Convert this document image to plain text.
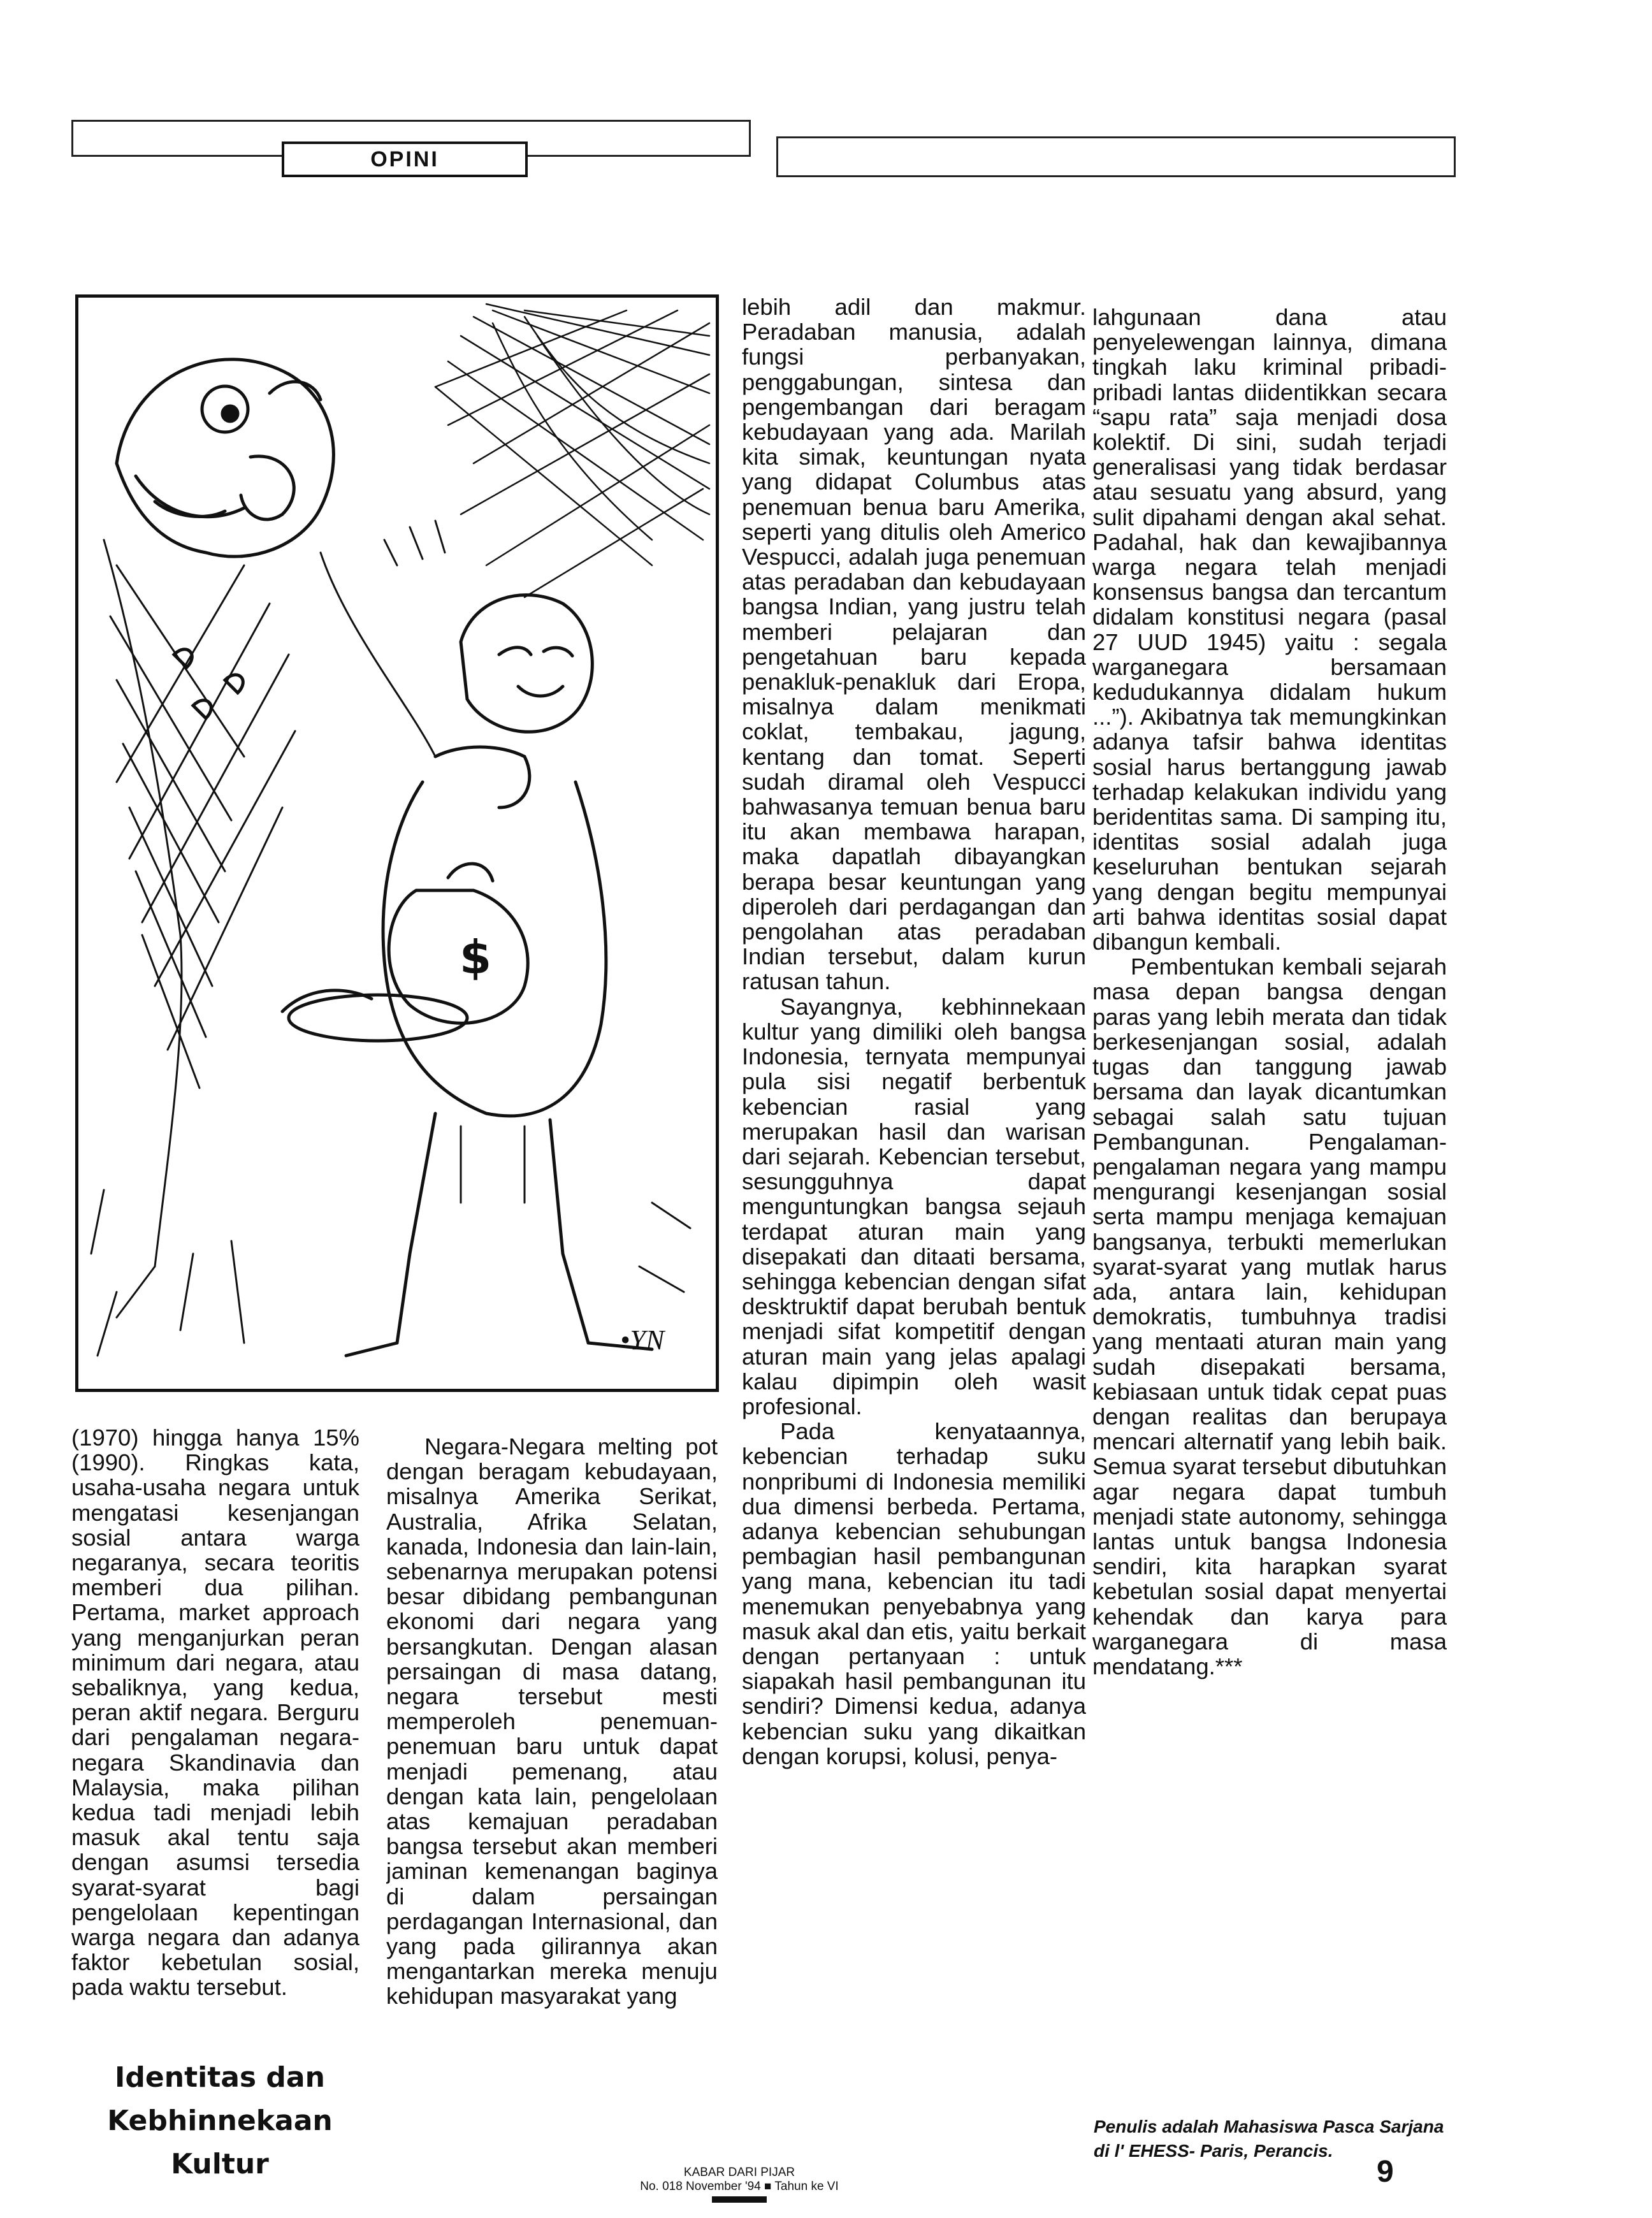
OPINI
$
•YN

(1970) hingga hanya 15% (1990). Ringkas kata, usaha-usaha negara untuk mengatasi kesenjangan sosial antara warga negaranya, secara teoritis memberi dua pilihan. Pertama, market approach yang menganjurkan peran minimum dari negara, atau sebaliknya, yang kedua, peran aktif negara. Berguru dari pengalaman negara-negara Skandinavia dan Malaysia, maka pilihan kedua tadi menjadi lebih masuk akal tentu saja dengan asumsi tersedia syarat-syarat bagi pengelolaan kepentingan warga negara dan adanya faktor kebetulan sosial, pada waktu tersebut.

Identitas dan Kebhinnekaan Kultur

Negara-Negara melting pot dengan beragam kebudayaan, misalnya Amerika Serikat, Australia, Afrika Selatan, kanada, Indonesia dan lain-lain, sebenarnya merupakan potensi besar dibidang pembangunan ekonomi dari negara yang bersangkutan. Dengan alasan persaingan di masa datang, negara tersebut mesti memperoleh penemuan-penemuan baru untuk dapat menjadi pemenang, atau dengan kata lain, pengelolaan atas kemajuan peradaban bangsa tersebut akan memberi jaminan kemenangan baginya di dalam persaingan perdagangan Internasional, dan yang pada gilirannya akan mengantarkan mereka menuju kehidupan masyarakat yang

lebih adil dan makmur. Peradaban manusia, adalah fungsi perbanyakan, penggabungan, sintesa dan pengembangan dari beragam kebudayaan yang ada. Marilah kita simak, keuntungan nyata yang didapat Columbus atas penemuan benua baru Amerika, seperti yang ditulis oleh Americo Vespucci, adalah juga penemuan atas peradaban dan kebudayaan bangsa Indian, yang justru telah memberi pelajaran dan pengetahuan baru kepada penakluk-penakluk dari Eropa, misalnya dalam menikmati coklat, tembakau, jagung, kentang dan tomat. Seperti sudah diramal oleh Vespucci bahwasanya temuan benua baru itu akan membawa harapan, maka dapatlah dibayangkan berapa besar keuntungan yang diperoleh dari perdagangan dan pengolahan atas peradaban Indian tersebut, dalam kurun ratusan tahun.

Sayangnya, kebhinnekaan kultur yang dimiliki oleh bangsa Indonesia, ternyata mempunyai pula sisi negatif berbentuk kebencian rasial yang merupakan hasil dan warisan dari sejarah. Kebencian tersebut, sesungguhnya dapat menguntungkan bangsa sejauh terdapat aturan main yang disepakati dan ditaati bersama, sehingga kebencian dengan sifat desktruktif dapat berubah bentuk menjadi sifat kompetitif dengan aturan main yang jelas apalagi kalau dipimpin oleh wasit profesional.

Pada kenyataannya, kebencian terhadap suku nonpribumi di Indonesia memiliki dua dimensi berbeda. Pertama, adanya kebencian sehubungan pembagian hasil pembangunan yang mana, kebencian itu tadi menemukan penyebabnya yang masuk akal dan etis, yaitu berkait dengan pertanyaan : untuk siapakah hasil pembangunan itu sendiri? Dimensi kedua, adanya kebencian suku yang dikaitkan dengan korupsi, kolusi, penya-

lahgunaan dana atau penyelewengan lainnya, dimana tingkah laku kriminal pribadi-pribadi lantas diidentikkan secara “sapu rata” saja menjadi dosa kolektif. Di sini, sudah terjadi generalisasi yang tidak berdasar atau sesuatu yang absurd, yang sulit dipahami dengan akal sehat. Padahal, hak dan kewajibannya warga negara telah menjadi konsensus bangsa dan tercantum didalam konstitusi negara (pasal 27 UUD 1945) yaitu : segala warganegara bersamaan kedudukannya didalam hukum ...”). Akibatnya tak memungkinkan adanya tafsir bahwa identitas sosial harus bertanggung jawab terhadap kelakukan individu yang beridentitas sama. Di samping itu, identitas sosial adalah juga keseluruhan bentukan sejarah yang dengan begitu mempunyai arti bahwa identitas sosial dapat dibangun kembali.

Pembentukan kembali sejarah masa depan bangsa dengan paras yang lebih merata dan tidak berkesenjangan sosial, adalah tugas dan tanggung jawab bersama dan layak dicantumkan sebagai salah satu tujuan Pembangunan. Pengalaman-pengalaman negara yang mampu mengurangi kesenjangan sosial serta mampu menjaga kemajuan bangsanya, terbukti memerlukan syarat-syarat yang mutlak harus ada, antara lain, kehidupan demokratis, tumbuhnya tradisi yang mentaati aturan main yang sudah disepakati bersama, kebiasaan untuk tidak cepat puas dengan realitas dan berupaya mencari alternatif yang lebih baik. Semua syarat tersebut dibutuhkan agar negara dapat tumbuh menjadi state autonomy, sehingga lantas untuk bangsa Indonesia sendiri, kita harapkan syarat kebetulan sosial dapat menyertai kehendak dan karya para warganegara di masa mendatang.***

Penulis adalah Mahasiswa Pasca Sarjana di l' EHESS- Paris, Perancis.
KABAR DARI PIJAR
No. 018 November '94 ■ Tahun ke VI	9
